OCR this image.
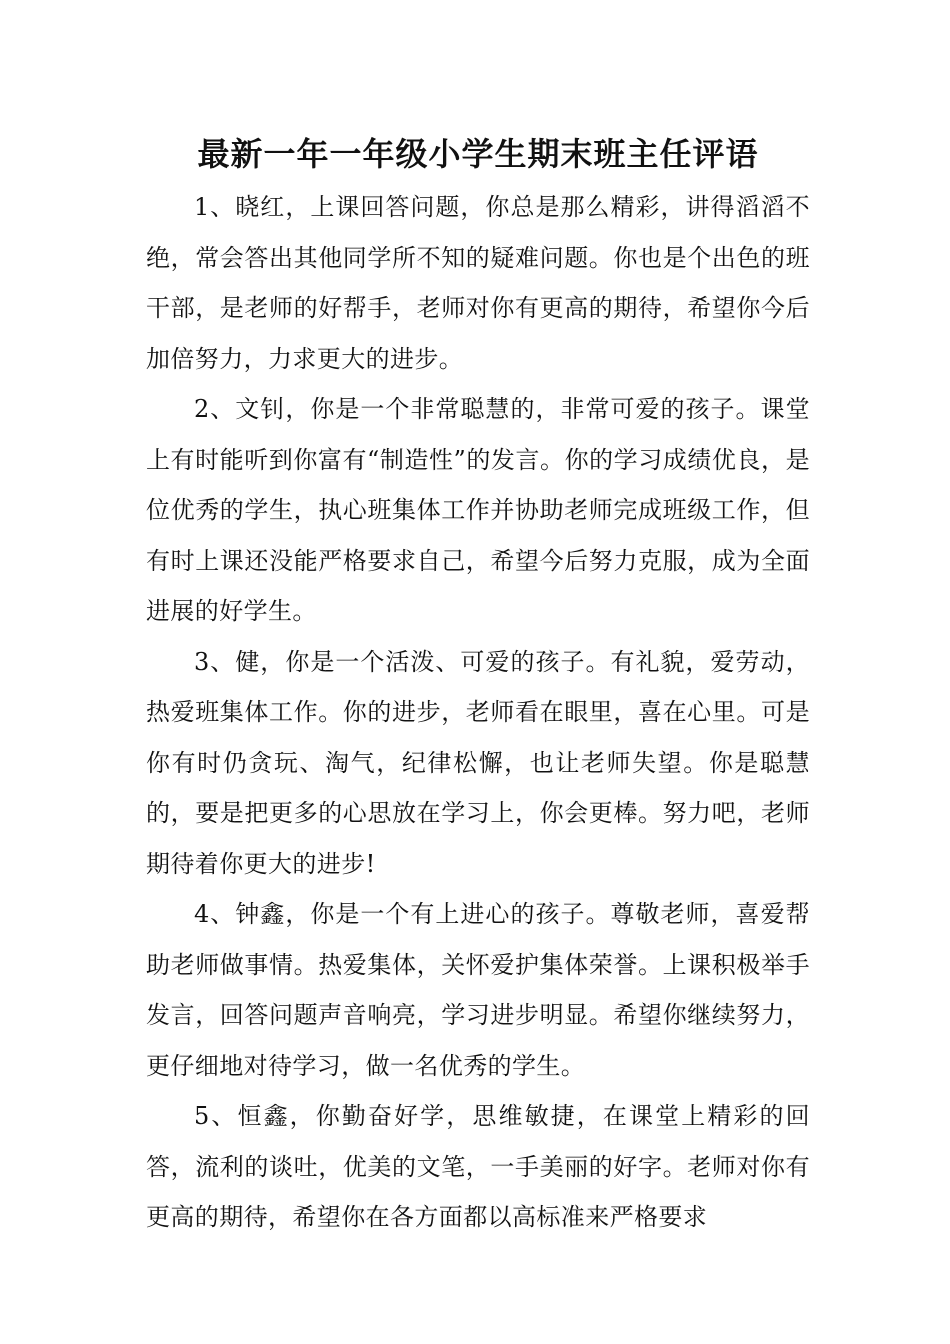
最新一年一年级小学生期末班主任评语

1、晓红，上课回答问题，你总是那么精彩，讲得滔滔不绝，常会答出其他同学所不知的疑难问题。你也是个出色的班干部，是老师的好帮手，老师对你有更高的期待，希望你今后加倍努力，力求更大的进步。

2、文钊，你是一个非常聪慧的，非常可爱的孩子。课堂上有时能听到你富有“制造性”的发言。你的学习成绩优良，是位优秀的学生，执心班集体工作并协助老师完成班级工作，但有时上课还没能严格要求自己，希望今后努力克服，成为全面进展的好学生。

3、健，你是一个活泼、可爱的孩子。有礼貌，爱劳动，热爱班集体工作。你的进步，老师看在眼里，喜在心里。可是你有时仍贪玩、淘气，纪律松懈，也让老师失望。你是聪慧的，要是把更多的心思放在学习上，你会更棒。努力吧，老师期待着你更大的进步!

4、钟鑫，你是一个有上进心的孩子。尊敬老师，喜爱帮助老师做事情。热爱集体，关怀爱护集体荣誉。上课积极举手发言，回答问题声音响亮，学习进步明显。希望你继续努力，更仔细地对待学习，做一名优秀的学生。

5、恒鑫，你勤奋好学，思维敏捷，在课堂上精彩的回答，流利的谈吐，优美的文笔，一手美丽的好字。老师对你有更高的期待，希望你在各方面都以高标准来严格要求
